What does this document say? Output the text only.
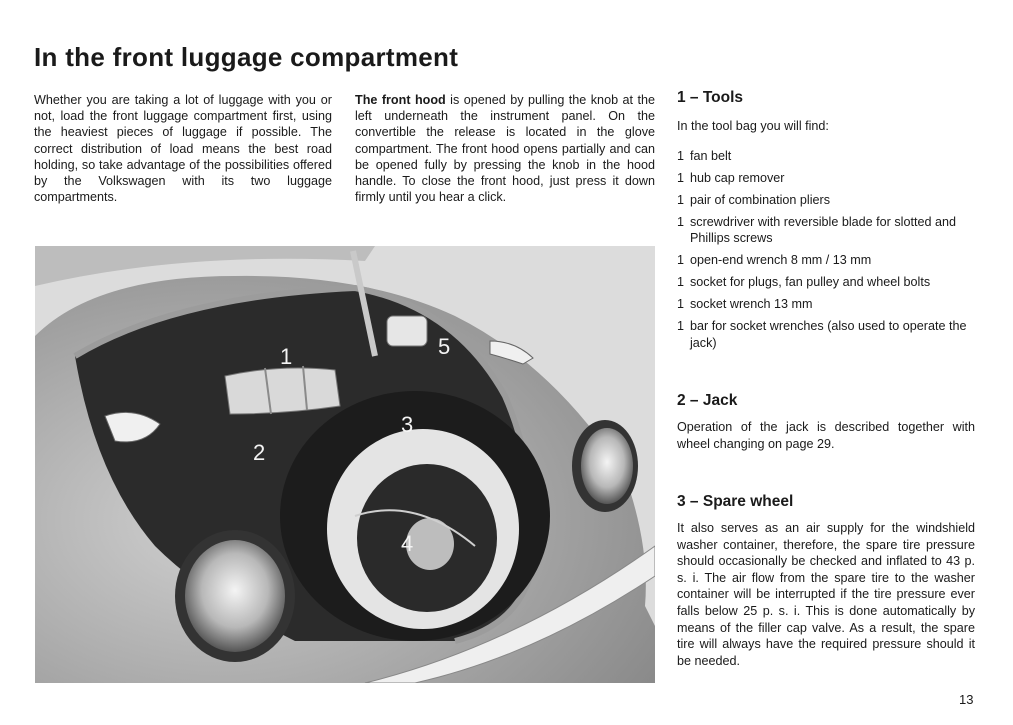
In the front luggage compartment

Whether you are taking a lot of luggage with you or not, load the front luggage compartment first, using the heaviest pieces of luggage if possible. The correct distribution of load means the best road holding, so take advantage of the possibilities offered by the Volkswagen with its two luggage compartments.

The front hood is opened by pulling the knob at the left underneath the instrument panel. On the convertible the release is located in the glove compartment. The front hood opens partially and can be opened fully by pressing the knob in the hood handle. To close the front hood, just press it down firmly until you hear a click.

1 – Tools

In the tool bag you will find:

1 fan belt
1 hub cap remover
1 pair of combination pliers
1 screwdriver with reversible blade for slotted and Phillips screws
1 open-end wrench 8 mm / 13 mm
1 socket for plugs, fan pulley and wheel bolts
1 socket wrench 13 mm
1 bar for socket wrenches (also used to operate the jack)
2 – Jack

Operation of the jack is described together with wheel changing on page 29.

3 – Spare wheel

It also serves as an air supply for the windshield washer container, therefore, the spare tire pressure should occasionally be checked and inflated to 43 p. s. i. The air flow from the spare tire to the washer container will be interrupted if the tire pressure ever falls below 25 p. s. i. This is done automatically by means of the filler cap valve. As a result, the spare tire will always have the required pressure should it be needed.

1
2
3
4
5
13
